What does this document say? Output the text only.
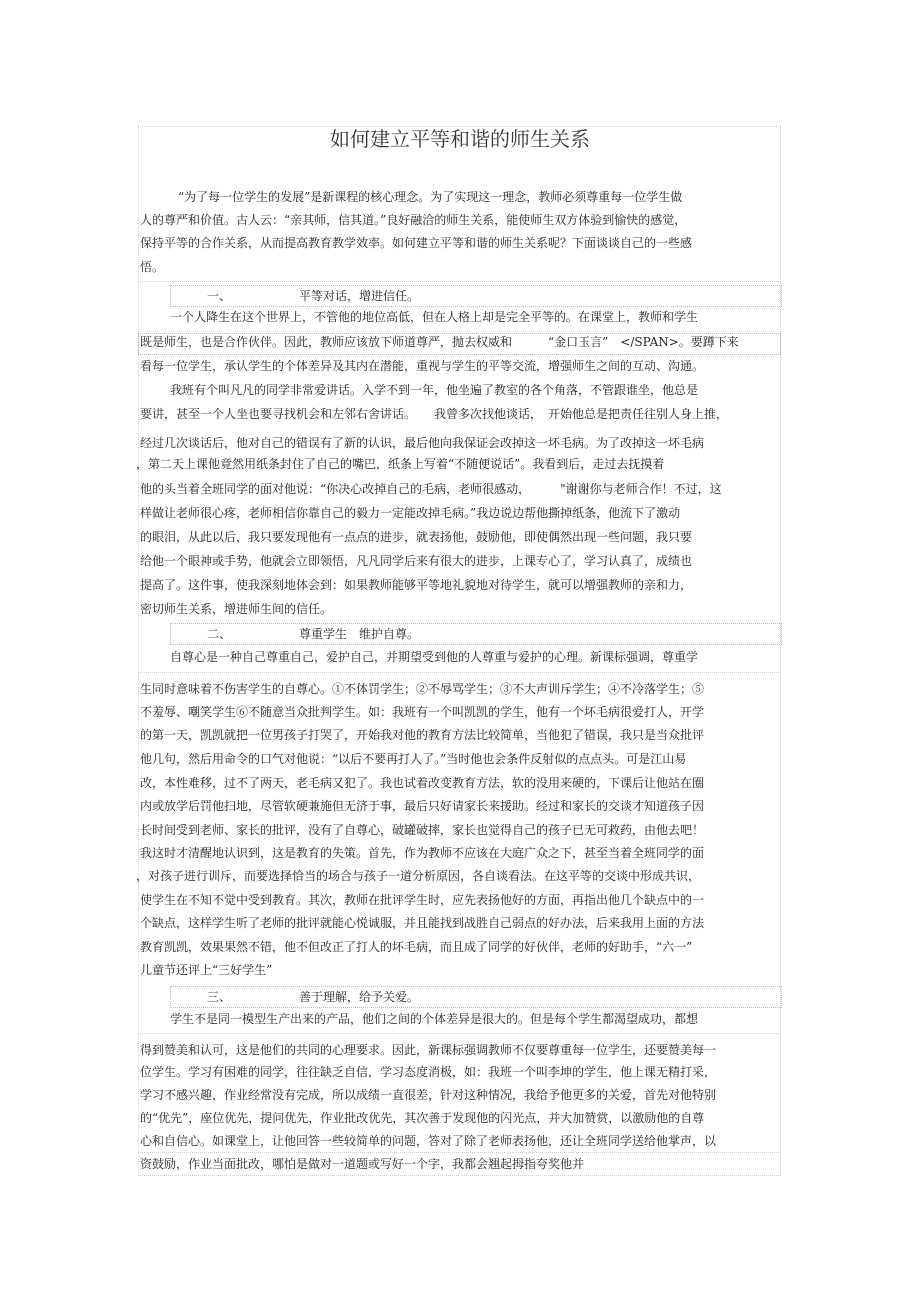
如何建立平等和谐的师生关系
“为了每一位学生的发展”是新课程的核心理念。为了实现这一理念，教师必须尊重每一位学生做
人的尊严和价值。古人云：“亲其师，信其道。”良好融洽的师生关系，能使师生双方体验到愉快的感觉，
保持平等的合作关系，从而提高教育教学效率。如何建立平等和谐的师生关系呢？下面谈谈自己的一些感
悟。
一、	平等对话，增进信任。
一个人降生在这个世界上，不管他的地位高低，但在人格上却是完全平等的。在课堂上，教师和学生
既是师生，也是合作伙伴。因此，教师应该放下师道尊严，抛去权威和　　　“金口玉言”　</SPAN>。要蹲下来
看每一位学生，承认学生的个体差异及其内在潜能，重视与学生的平等交流，增强师生之间的互动、沟通。
我班有个叫凡凡的同学非常爱讲话。入学不到一年，他坐遍了教室的各个角落，不管跟谁坐，他总是
要讲，甚至一个人坐也要寻找机会和左邻右舍讲话。　　我曾多次找他谈话，　开始他总是把责任往别人身上推，
经过几次谈话后，他对自己的错误有了新的认识，最后他向我保证会改掉这一坏毛病。为了改掉这一坏毛病
，第二天上课他竟然用纸条封住了自己的嘴巴，纸条上写着“不随便说话”。我看到后，走过去抚摸着
他的头当着全班同学的面对他说：“你决心改掉自己的毛病，老师很感动，　　　"谢谢你与老师合作！不过，这
样做让老师很心疼，老师相信你靠自己的毅力一定能改掉毛病。”我边说边帮他撕掉纸条，他流下了激动
的眼泪，从此以后，我只要发现他有一点点的进步，就表扬他，鼓励他，即使偶然出现一些问题，我只要
给他一个眼神或手势，他就会立即领悟，凡凡同学后来有很大的进步，上课专心了，学习认真了，成绩也
提高了。这件事，使我深刻地体会到：如果教师能够平等地礼貌地对待学生，就可以增强教师的亲和力，
密切师生关系，增进师生间的信任。
二、	尊重学生　维护自尊。
自尊心是一种自己尊重自己，爱护自己，并期望受到他的人尊重与爱护的心理。新课标强调，尊重学
生同时意味着不伤害学生的自尊心。①不体罚学生；②不辱骂学生；③不大声训斥学生；④不冷落学生；⑤
不羞辱、嘲笑学生⑥不随意当众批判学生。如：我班有一个叫凯凯的学生，他有一个坏毛病很爱打人，开学
的第一天，凯凯就把一位男孩子打哭了，开始我对他的教育方法比较简单，当他犯了错误，我只是当众批评
他几句，然后用命令的口气对他说：“以后不要再打人了。”当时他也会条件反射似的点点头。可是江山易
改，本性难移，过不了两天，老毛病又犯了。我也试着改变教育方法，软的没用来硬的，下课后让他站在圈
内或放学后罚他扫地，尽管软硬兼施但无济于事，最后只好请家长来援助。经过和家长的交谈才知道孩子因
长时间受到老师、家长的批评，没有了自尊心，破罐破摔，家长也觉得自己的孩子已无可救药，由他去吧！
我这时才清醒地认识到，这是教育的失策。首先，作为教师不应该在大庭广众之下，甚至当着全班同学的面
，对孩子进行训斥，而要选择恰当的场合与孩子一道分析原因，各自谈看法。在这平等的交谈中形成共识，
使学生在不知不觉中受到教育。其次，教师在批评学生时，应先表扬他好的方面，再指出他几个缺点中的一
个缺点，这样学生听了老师的批评就能心悦诚服，并且能找到战胜自己弱点的好办法，后来我用上面的方法
教育凯凯，效果果然不错，他不但改正了打人的坏毛病，而且成了同学的好伙伴，老师的好助手，“六一”
儿童节还评上“三好学生”
三、	善于理解，给予关爱。
学生不是同一模型生产出来的产品，他们之间的个体差异是很大的。但是每个学生都渴望成功，都想
得到赞美和认可，这是他们的共同的心理要求。因此，新课标强调教师不仅要尊重每一位学生，还要赞美每一
位学生。学习有困难的同学，往往缺乏自信，学习态度消极，如：我班一个叫李坤的学生，他上课无精打采，
学习不感兴趣，作业经常没有完成，所以成绩一直很差，针对这种情况，我给予他更多的关爱，首先对他特别
的“优先”，座位优先，提问优先，作业批改优先，其次善于发现他的闪光点，并大加赞赏，以激励他的自尊
心和自信心。如课堂上，让他回答一些较简单的问题，答对了除了老师表扬他，还让全班同学送给他掌声，以
资鼓励，作业当面批改，哪怕是做对一道题或写好一个字，我都会翘起拇指夸奖他并
